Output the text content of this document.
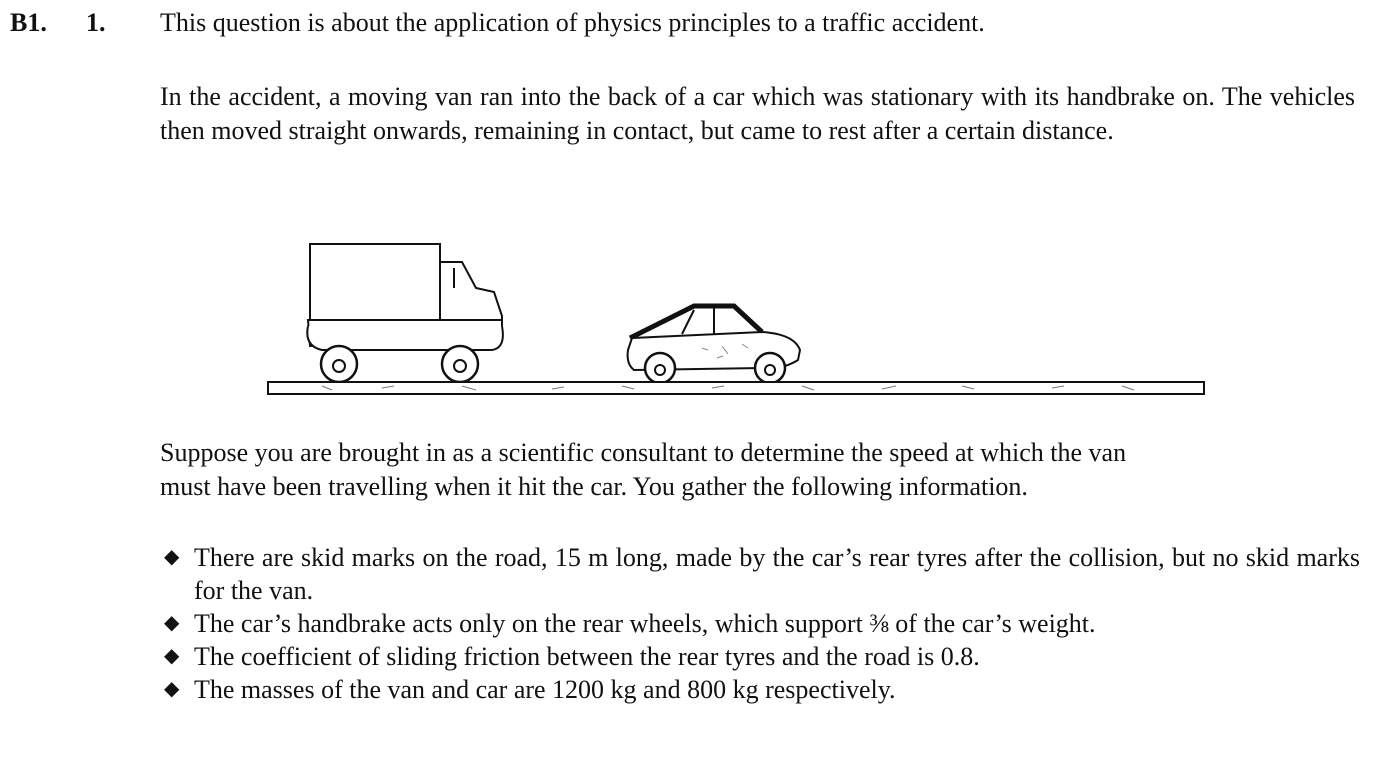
B1. 1. This question is about the application of physics principles to a traffic accident.
In the accident, a moving van ran into the back of a car which was stationary with its handbrake on. The vehicles then moved straight onwards, remaining in contact, but came to rest after a certain distance.
Suppose you are brought in as a scientific consultant to determine the speed at which the van
must have been travelling when it hit the car. You gather the following information.
◆ There are skid marks on the road, 15 m long, made by the car’s rear tyres after the collision, but no skid marks for the van.
◆ The car’s handbrake acts only on the rear wheels, which support ⅜ of the car’s weight.
◆ The coefficient of sliding friction between the rear tyres and the road is 0.8.
◆ The masses of the van and car are 1200 kg and 800 kg respectively.
